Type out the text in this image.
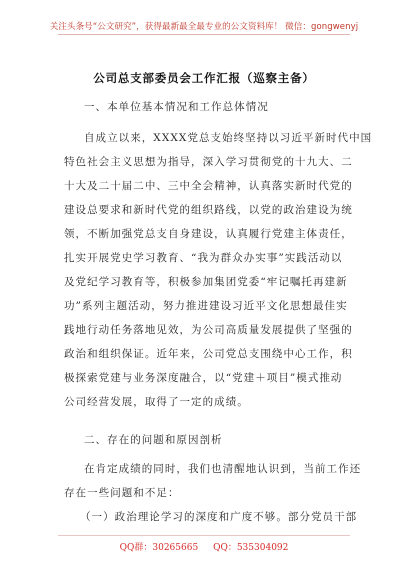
关注头条号“公文研究”，获得最新最全最专业的公文资料库！ 微信：gongwenyj
公司总支部委员会工作汇报（巡察主备）
一、本单位基本情况和工作总体情况
自成立以来，XXXX党总支始终坚持以习近平新时代中国
特色社会主义思想为指导，深入学习贯彻党的十九大、二
十大及二十届二中、三中全会精神，认真落实新时代党的
建设总要求和新时代党的组织路线，以党的政治建设为统
领，不断加强党总支自身建设，认真履行党建主体责任，
扎实开展党史学习教育、“我为群众办实事”实践活动以
及党纪学习教育等，积极参加集团党委“牢记嘱托再建新
功”系列主题活动，努力推进建设习近平文化思想最佳实
践地行动任务落地见效，为公司高质量发展提供了坚强的
政治和组织保证。近年来，公司党总支围绕中心工作，积
极探索党建与业务深度融合，以“党建＋项目”模式推动
公司经营发展，取得了一定的成绩。
二、存在的问题和原因剖析
在肯定成绩的同时，我们也清醒地认识到，当前工作还
存在一些问题和不足：
（一）政治理论学习的深度和广度不够。部分党员干部
QQ群：30265665 QQ：535304092
